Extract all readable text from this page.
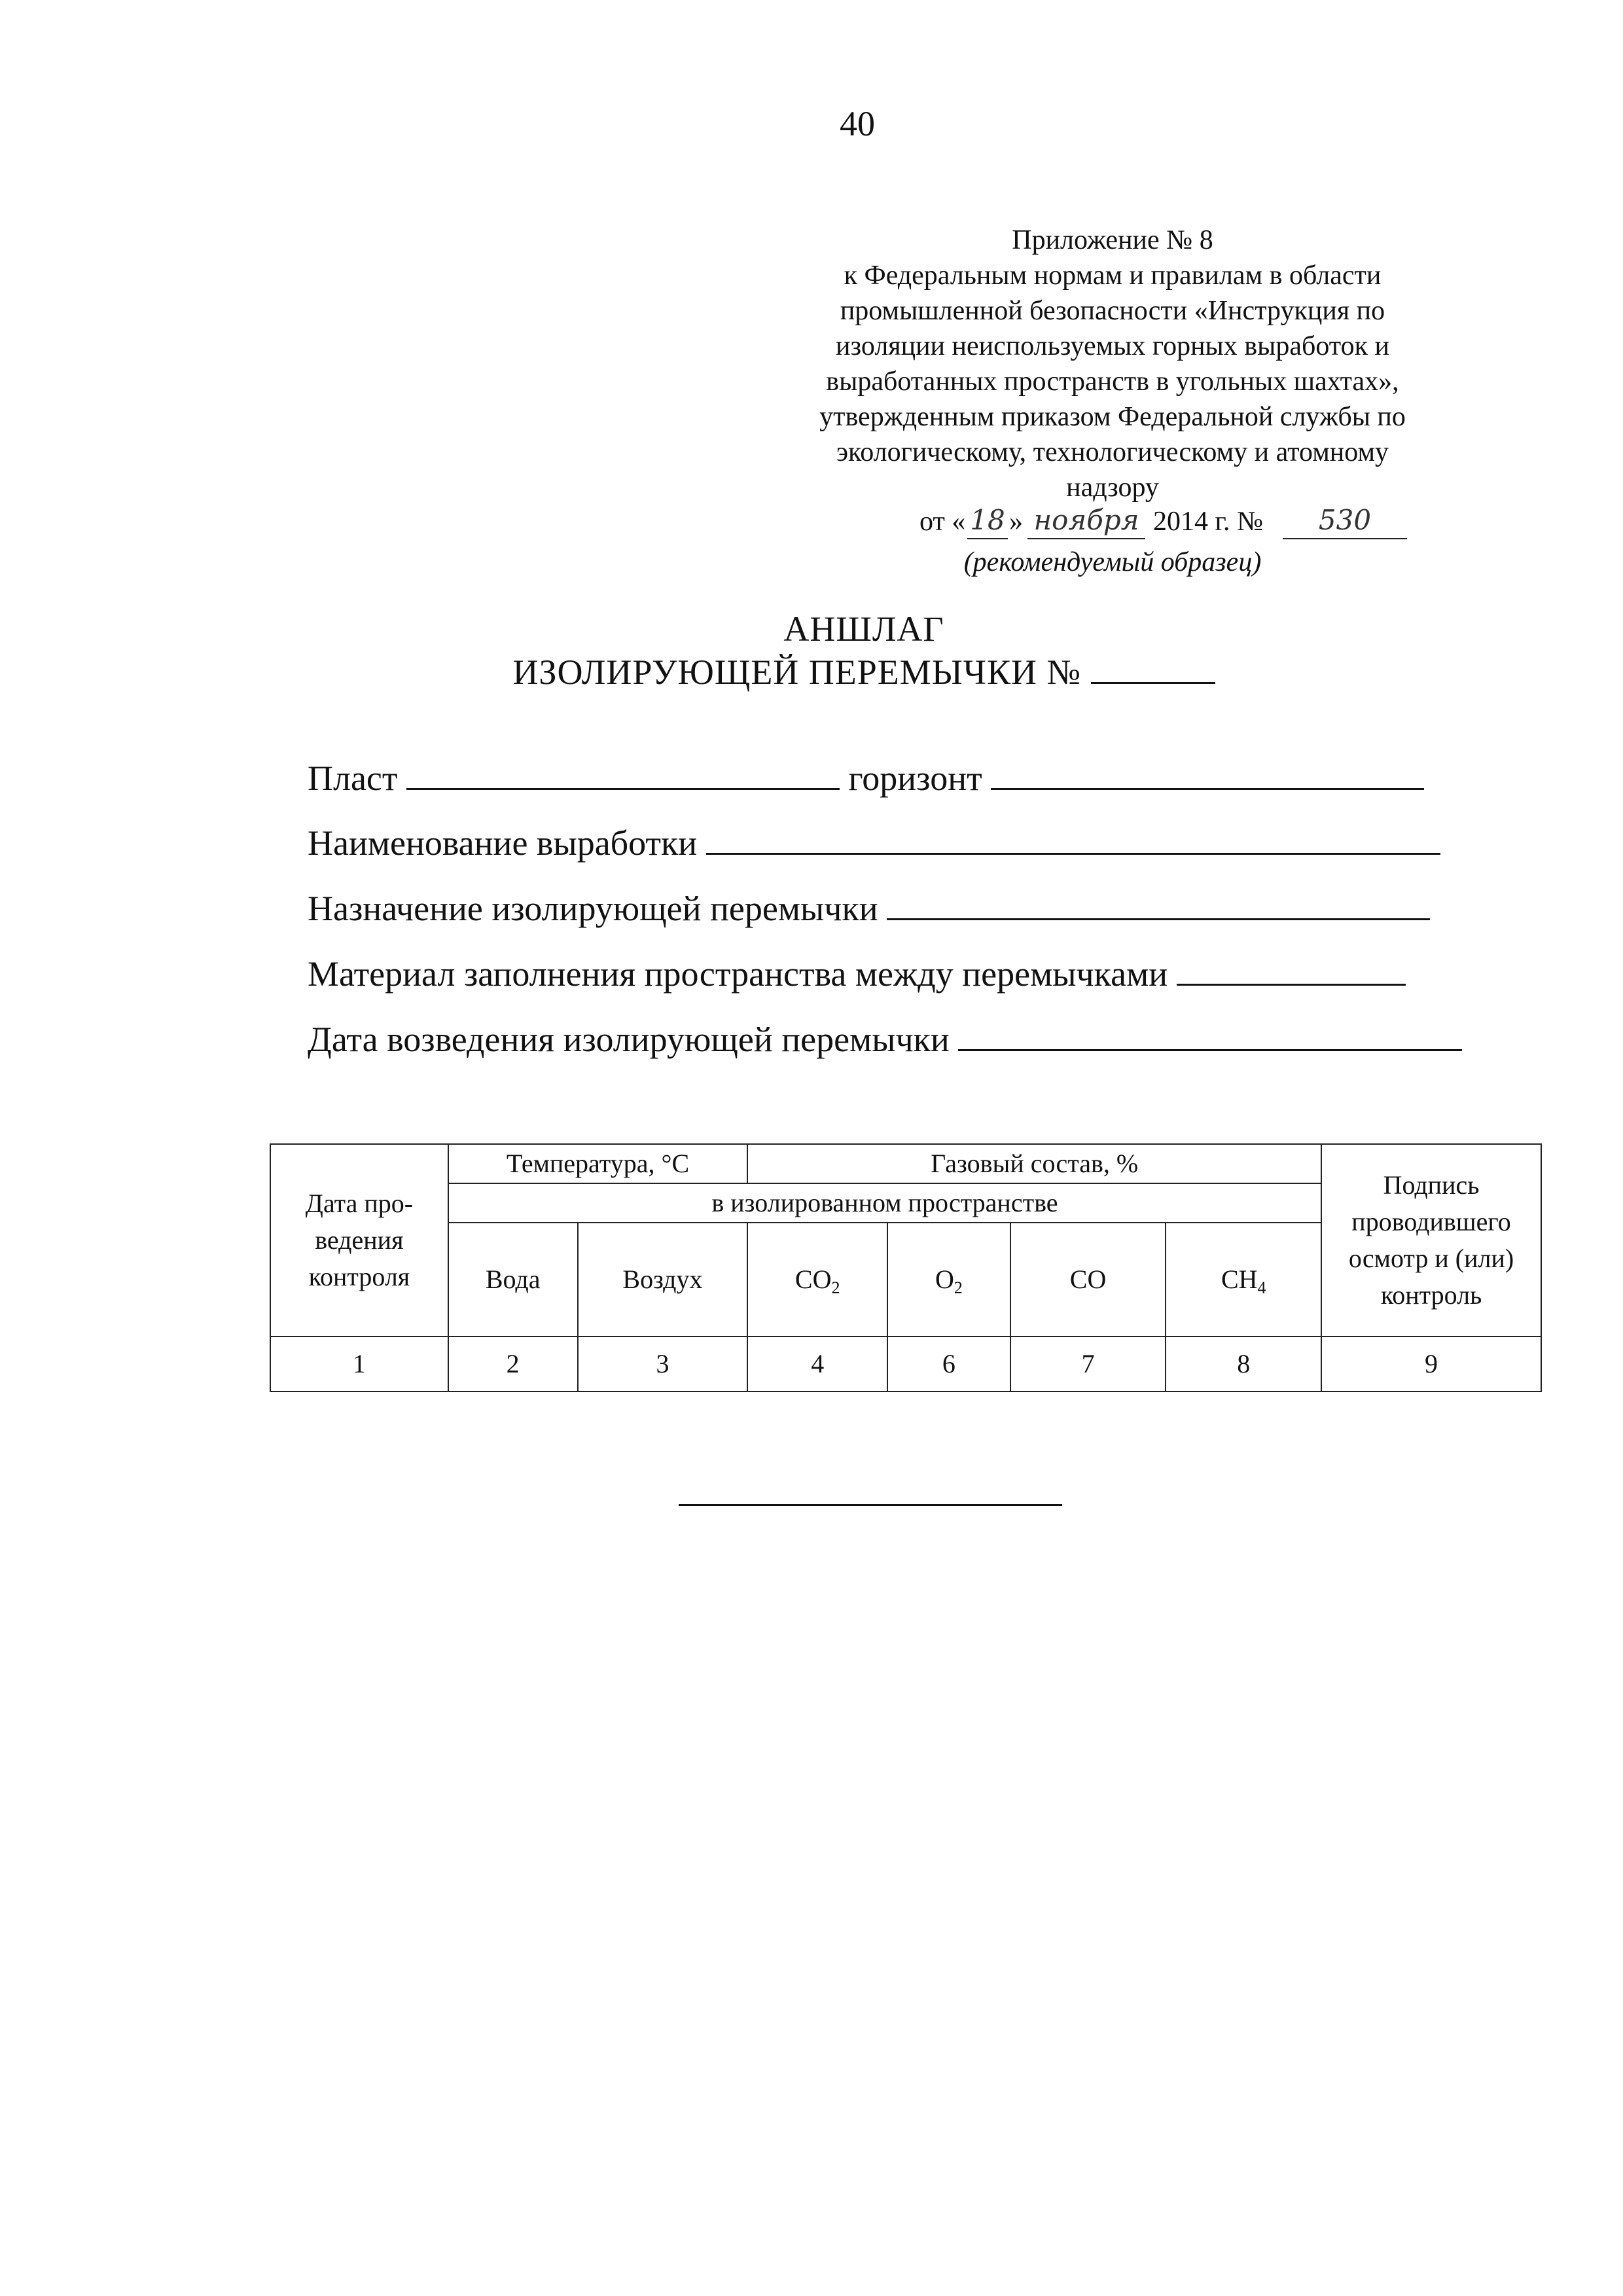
40
Приложение № 8
к Федеральным нормам и правилам в области
промышленной безопасности «Инструкция по
изоляции неиспользуемых горных выработок и
выработанных пространств в угольных шахтах»,
утвержденным приказом Федеральной службы по
экологическому, технологическому и атомному
надзору
от « 18 » ноября 2014 г. №	530
(рекомендуемый образец)
АНШЛАГ
ИЗОЛИРУЮЩЕЙ ПЕРЕМЫЧКИ №
Пласт	горизонт
Наименование выработки
Назначение изолирующей перемычки
Материал заполнения пространства между перемычками
Дата возведения изолирующей перемычки
Дата про-ведения контроля	Температура, °С		Газовый состав, %				Подпись проводившего осмотр и (или) контроль
	в изолированном пространстве						
	Вода	Воздух	$CO_2$	$O_2$	CO	$CH_4$
1	2	3	4	6	7	8	9
